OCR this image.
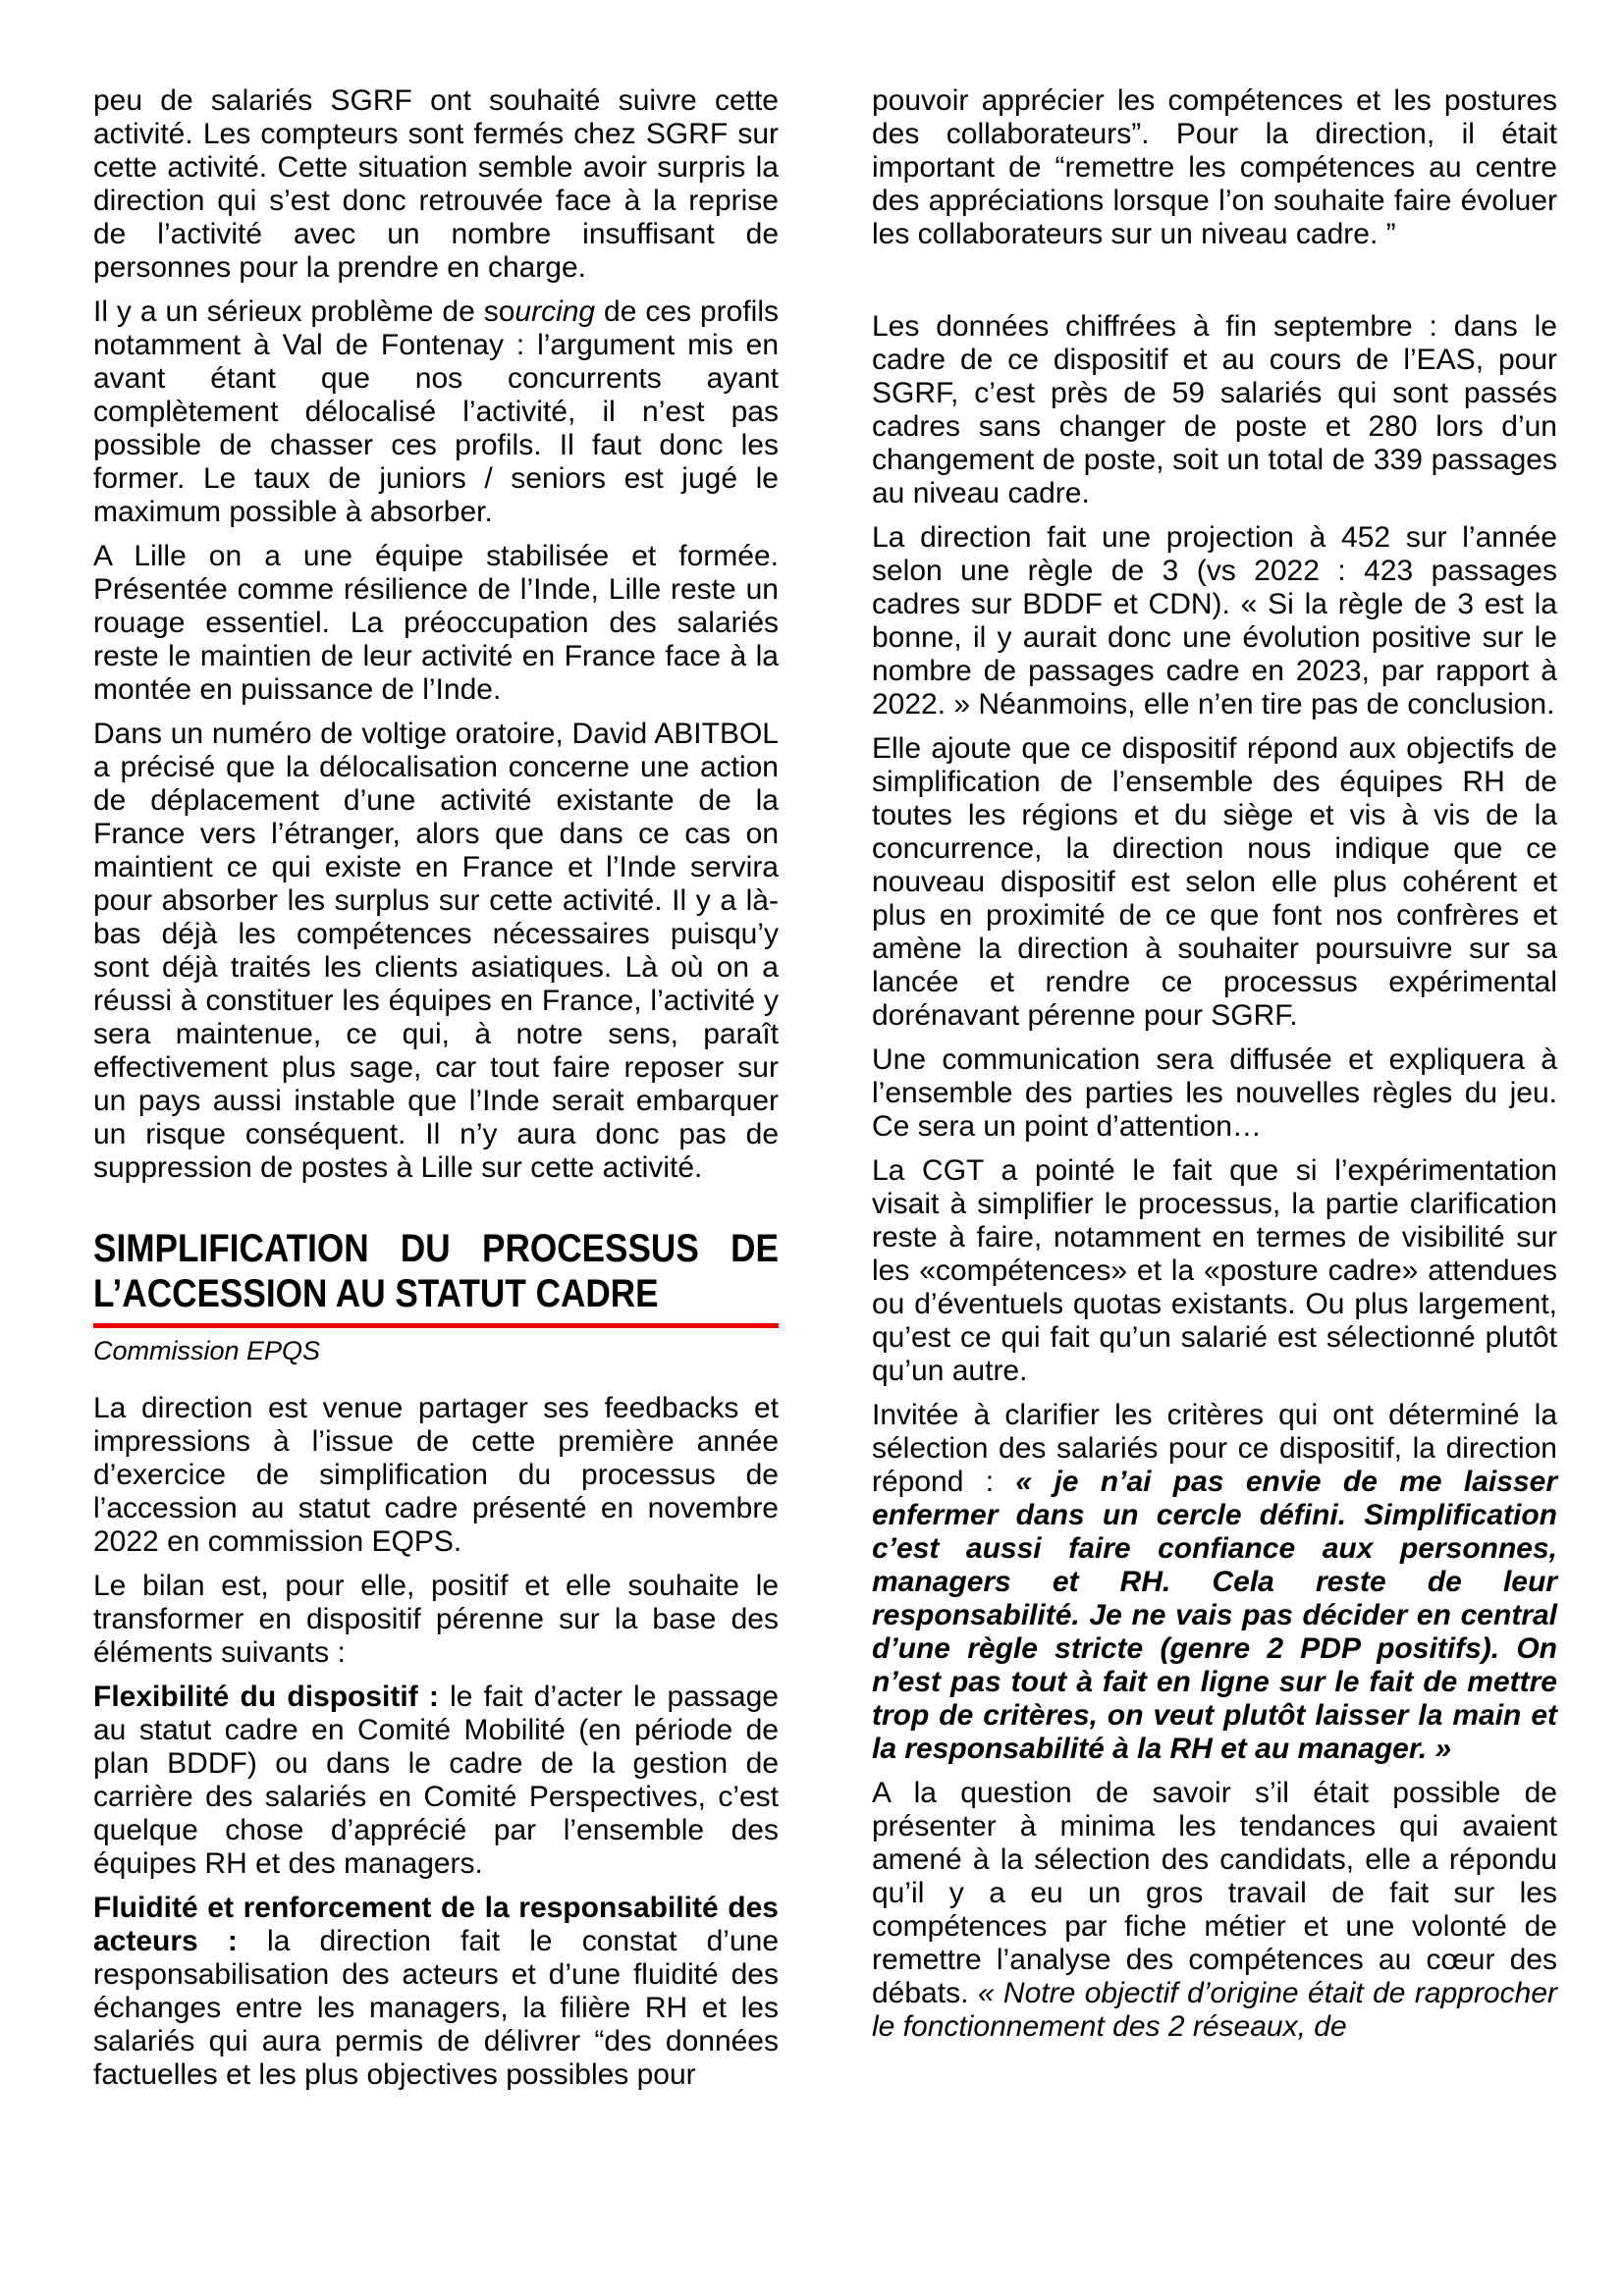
peu de salariés SGRF ont souhaité suivre cette activité. Les compteurs sont fermés chez SGRF sur cette activité. Cette situation semble avoir surpris la direction qui s’est donc retrouvée face à la reprise de l’activité avec un nombre insuffisant de personnes pour la prendre en charge.

Il y a un sérieux problème de sourcing de ces profils notamment à Val de Fontenay : l’argument mis en avant étant que nos concurrents ayant complètement délocalisé l’activité, il n’est pas possible de chasser ces profils. Il faut donc les former. Le taux de juniors / seniors est jugé le maximum possible à absorber.

A Lille on a une équipe stabilisée et formée. Présentée comme résilience de l’Inde, Lille reste un rouage essentiel. La préoccupation des salariés reste le maintien de leur activité en France face à la montée en puissance de l’Inde.

Dans un numéro de voltige oratoire, David ABITBOL a précisé que la délocalisation concerne une action de déplacement d’une activité existante de la France vers l’étranger, alors que dans ce cas on maintient ce qui existe en France et l’Inde servira pour absorber les surplus sur cette activité. Il y a là-bas déjà les compétences nécessaires puisqu’y sont déjà traités les clients asiatiques. Là où on a réussi à constituer les équipes en France, l’activité y sera maintenue, ce qui, à notre sens, paraît effectivement plus sage, car tout faire reposer sur un pays aussi instable que l’Inde serait embarquer un risque conséquent. Il n’y aura donc pas de suppression de postes à Lille sur cette activité.

SIMPLIFICATION DU PROCESSUS DE L’ACCESSION AU STATUT CADRE

Commission EPQS

La direction est venue partager ses feedbacks et impressions à l’issue de cette première année d’exercice de simplification du processus de l’accession au statut cadre présenté en novembre 2022 en commission EQPS.

Le bilan est, pour elle, positif et elle souhaite le transformer en dispositif pérenne sur la base des éléments suivants :

Flexibilité du dispositif : le fait d’acter le passage au statut cadre en Comité Mobilité (en période de plan BDDF) ou dans le cadre de la gestion de carrière des salariés en Comité Perspectives, c’est quelque chose d’apprécié par l’ensemble des équipes RH et des managers.

Fluidité et renforcement de la responsabilité des acteurs : la direction fait le constat d’une responsabilisation des acteurs et d’une fluidité des échanges entre les managers, la filière RH et les salariés qui aura permis de délivrer “des données factuelles et les plus objectives possibles pour

pouvoir apprécier les compétences et les postures des collaborateurs”. Pour la direction, il était important de “remettre les compétences au centre des appréciations lorsque l’on souhaite faire évoluer les collaborateurs sur un niveau cadre. ”

Les données chiffrées à fin septembre : dans le cadre de ce dispositif et au cours de l’EAS, pour SGRF, c’est près de 59 salariés qui sont passés cadres sans changer de poste et 280 lors d’un changement de poste, soit un total de 339 passages au niveau cadre.

La direction fait une projection à 452 sur l’année selon une règle de 3 (vs 2022 : 423 passages cadres sur BDDF et CDN). « Si la règle de 3 est la bonne, il y aurait donc une évolution positive sur le nombre de passages cadre en 2023, par rapport à 2022. » Néanmoins, elle n’en tire pas de conclusion.

Elle ajoute que ce dispositif répond aux objectifs de simplification de l’ensemble des équipes RH de toutes les régions et du siège et vis à vis de la concurrence, la direction nous indique que ce nouveau dispositif est selon elle plus cohérent et plus en proximité de ce que font nos confrères et amène la direction à souhaiter poursuivre sur sa lancée et rendre ce processus expérimental dorénavant pérenne pour SGRF.

Une communication sera diffusée et expliquera à l’ensemble des parties les nouvelles règles du jeu. Ce sera un point d’attention…

La CGT a pointé le fait que si l’expérimentation visait à simplifier le processus, la partie clarification reste à faire, notamment en termes de visibilité sur les «compétences» et la «posture cadre» attendues ou d’éventuels quotas existants. Ou plus largement, qu’est ce qui fait qu’un salarié est sélectionné plutôt qu’un autre.

Invitée à clarifier les critères qui ont déterminé la sélection des salariés pour ce dispositif, la direction répond : « je n’ai pas envie de me laisser enfermer dans un cercle défini. Simplification c’est aussi faire confiance aux personnes, managers et RH. Cela reste de leur responsabilité. Je ne vais pas décider en central d’une règle stricte (genre 2 PDP positifs). On n’est pas tout à fait en ligne sur le fait de mettre trop de critères, on veut plutôt laisser la main et la responsabilité à la RH et au manager. »

A la question de savoir s’il était possible de présenter à minima les tendances qui avaient amené à la sélection des candidats, elle a répondu qu’il y a eu un gros travail de fait sur les compétences par fiche métier et une volonté de remettre l’analyse des compétences au cœur des débats. « Notre objectif d’origine était de rapprocher le fonctionnement des 2 réseaux, de
